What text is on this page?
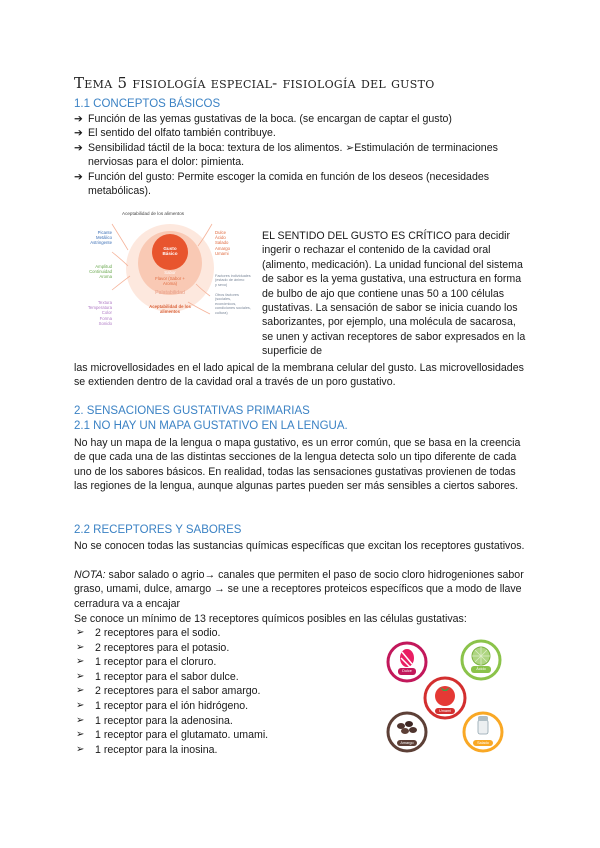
Tema 5 fisiología especial- fisiología del gusto
1.1 CONCEPTOS BÁSICOS
➔ Función de las yemas gustativas de la boca. (se encargan de captar el gusto)
➔ El sentido del olfato también contribuye.
➔ Sensibilidad táctil de la boca: textura de los alimentos. ➢Estimulación de terminaciones nerviosas para el dolor: pimienta.
➔ Función del gusto: Permite escoger la comida en función de los deseos (necesidades metabólicas).
Aceptabilidad de los alimentos
Gusto Básico
Sabor
Flavor (Sabor + Aroma)
Palatabilidad
Aceptabilidad de los alimentos
Picante
Metálico
Astringente
Amplitud
Continuidad
Aroma
Textura
Temperatura
Color
Forma
Sonido
Dulce
Ácido
Salado
Amargo
Umami
Factores individuales
(estado de ánimo
y sexo)
Otros factores
(sociales,
económicos,
condiciones sociales,
cultura)
EL SENTIDO DEL GUSTO ES CRÍTICO para decidir ingerir o rechazar el contenido de la cavidad oral (alimento, medicación). La unidad funcional del sistema de sabor es la yema gustativa, una estructura en forma de bulbo de ajo que contiene unas 50 a 100 células gustativas. La sensación de sabor se inicia cuando los saborizantes, por ejemplo, una molécula de sacarosa, se unen y activan receptores de sabor expresados en la superficie de
las microvellosidades en el lado apical de la membrana celular del gusto. Las microvellosidades se extienden dentro de la cavidad oral a través de un poro gustativo.
2. SENSACIONES GUSTATIVAS PRIMARIAS
2.1 NO HAY UN MAPA GUSTATIVO EN LA LENGUA.
No hay un mapa de la lengua o mapa gustativo, es un error común, que se basa en la creencia de que cada una de las distintas secciones de la lengua detecta solo un tipo diferente de cada uno de los sabores básicos. En realidad, todas las sensaciones gustativas provienen de todas las regiones de la lengua, aunque algunas partes pueden ser más sensibles a ciertos sabores.
2.2 RECEPTORES Y SABORES
No se conocen todas las sustancias químicas específicas que excitan los receptores gustativos.
NOTA: sabor salado o agrio→ canales que permiten el paso de socio cloro hidrogeniones sabor graso, umami, dulce, amargo → se une a receptores proteicos específicos que a modo de llave cerradura va a encajar
Se conoce un mínimo de 13 receptores químicos posibles en las células gustativas:
➢ 2 receptores para el sodio.
➢ 2 receptores para el potasio.
➢ 1 receptor para el cloruro.
➢ 1 receptor para el sabor dulce.
➢ 2 receptores para el sabor amargo.
➢ 1 receptor para el ión hidrógeno.
➢ 1 receptor para la adenosina.
➢ 1 receptor para el glutamato. umami.
➢ 1 receptor para la inosina.
Dulce	Ácido
Umami
Amargo	Salado
